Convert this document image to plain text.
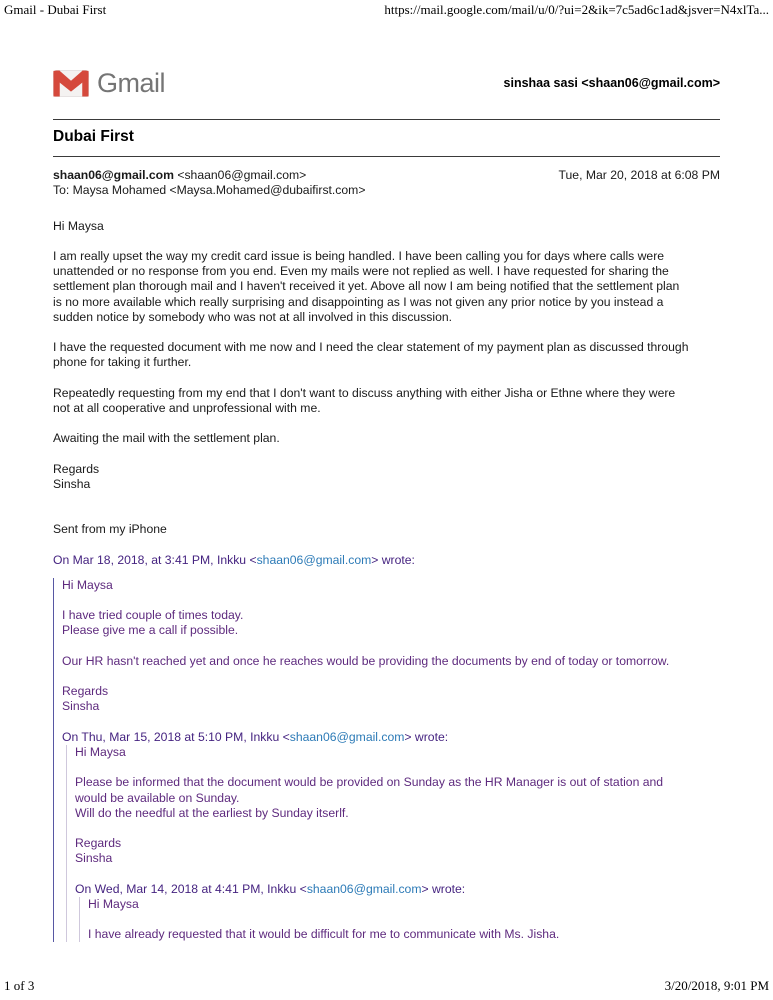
Gmail - Dubai First	https://mail.google.com/mail/u/0/?ui=2&ik=7c5ad6c1ad&jsver=N4xlTa...
Gmail	sinshaa sasi <shaan06@gmail.com>
Dubai First
shaan06@gmail.com <shaan06@gmail.com>	Tue, Mar 20, 2018 at 6:08 PM
To: Maysa Mohamed <Maysa.Mohamed@dubaifirst.com>
Hi Maysa

I am really upset the way my credit card issue is being handled. I have been calling you for days where calls were
unattended or no response from you end. Even my mails were not replied as well. I have requested for sharing the
settlement plan thorough mail and I haven't received it yet. Above all now I am being notified that the settlement plan
is no more available which really surprising and disappointing as I was not given any prior notice by you instead a
sudden notice by somebody who was not at all involved in this discussion.

I have the requested document with me now and I need the clear statement of my payment plan as discussed through
phone for taking it further.

Repeatedly requesting from my end that I don't want to discuss anything with either Jisha or Ethne where they were
not at all cooperative and unprofessional with me.

Awaiting the mail with the settlement plan.

Regards
Sinsha

Sent from my iPhone

On Mar 18, 2018, at 3:41 PM, Inkku <shaan06@gmail.com> wrote:
Hi Maysa

I have tried couple of times today.
Please give me a call if possible.

Our HR hasn't reached yet and once he reaches would be providing the documents by end of today or tomorrow.

Regards
Sinsha

On Thu, Mar 15, 2018 at 5:10 PM, Inkku <shaan06@gmail.com> wrote:
Hi Maysa

Please be informed that the document would be provided on Sunday as the HR Manager is out of station and
would be available on Sunday.
Will do the needful at the earliest by Sunday itserlf.

Regards
Sinsha

On Wed, Mar 14, 2018 at 4:41 PM, Inkku <shaan06@gmail.com> wrote:
Hi Maysa

I have already requested that it would be difficult for me to communicate with Ms. Jisha.
1 of 3	3/20/2018, 9:01 PM
